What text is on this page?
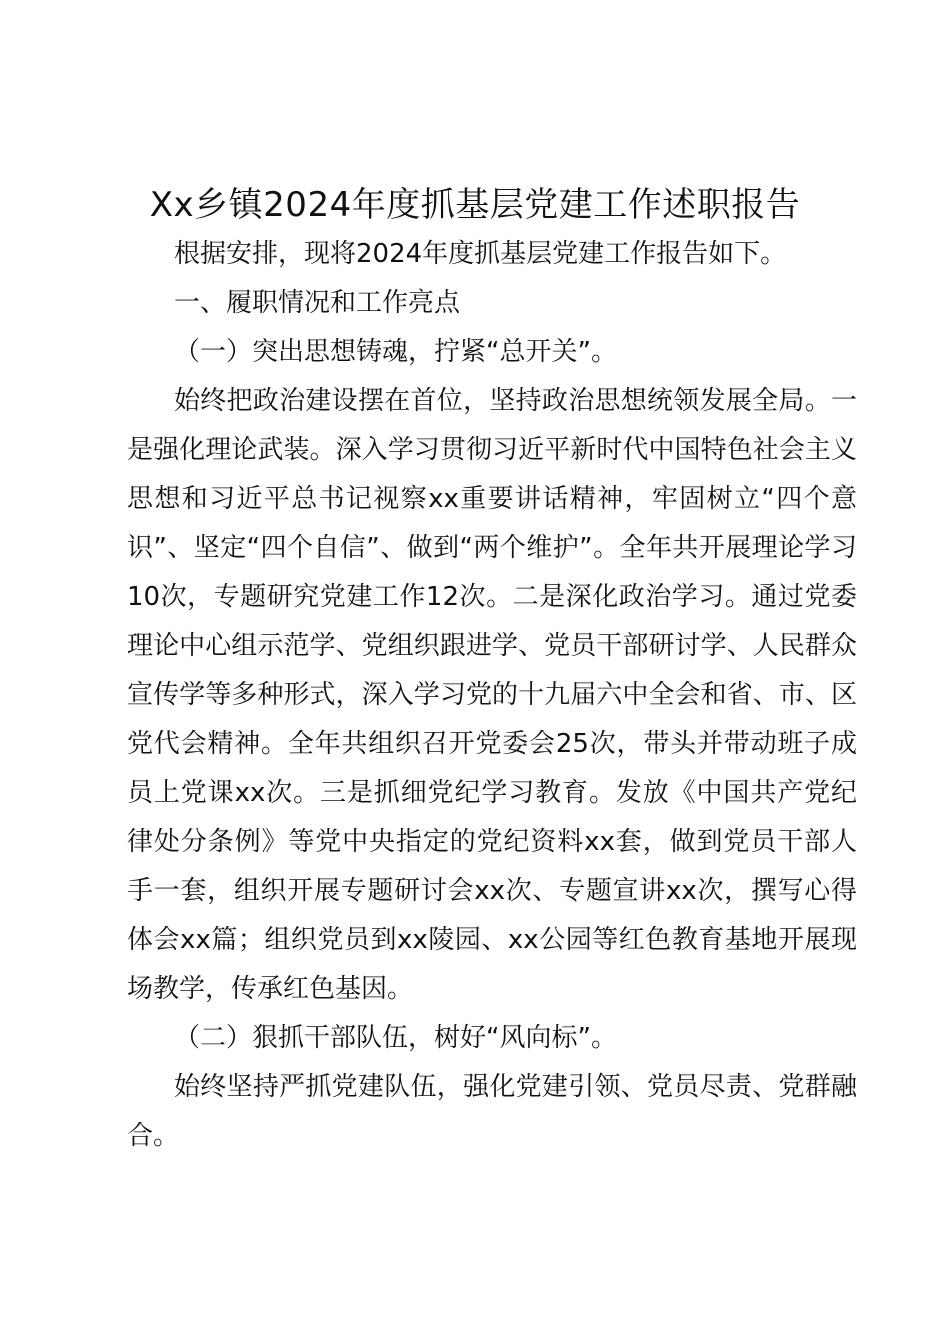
Xx乡镇2024年度抓基层党建工作述职报告

根据安排，现将2024年度抓基层党建工作报告如下。

一、履职情况和工作亮点

（一）突出思想铸魂，拧紧“总开关”。

始终把政治建设摆在首位，坚持政治思想统领发展全局。一是强化理论武装。深入学习贯彻习近平新时代中国特色社会主义思想和习近平总书记视察xx重要讲话精神，牢固树立“四个意识”、坚定“四个自信”、做到“两个维护”。全年共开展理论学习10次，专题研究党建工作12次。二是深化政治学习。通过党委理论中心组示范学、党组织跟进学、党员干部研讨学、人民群众宣传学等多种形式，深入学习党的十九届六中全会和省、市、区党代会精神。全年共组织召开党委会25次，带头并带动班子成员上党课xx次。三是抓细党纪学习教育。发放《中国共产党纪律处分条例》等党中央指定的党纪资料xx套，做到党员干部人手一套，组织开展专题研讨会xx次、专题宣讲xx次，撰写心得体会xx篇；组织党员到xx陵园、xx公园等红色教育基地开展现场教学，传承红色基因。

（二）狠抓干部队伍，树好“风向标”。

始终坚持严抓党建队伍，强化党建引领、党员尽责、党群融合。
